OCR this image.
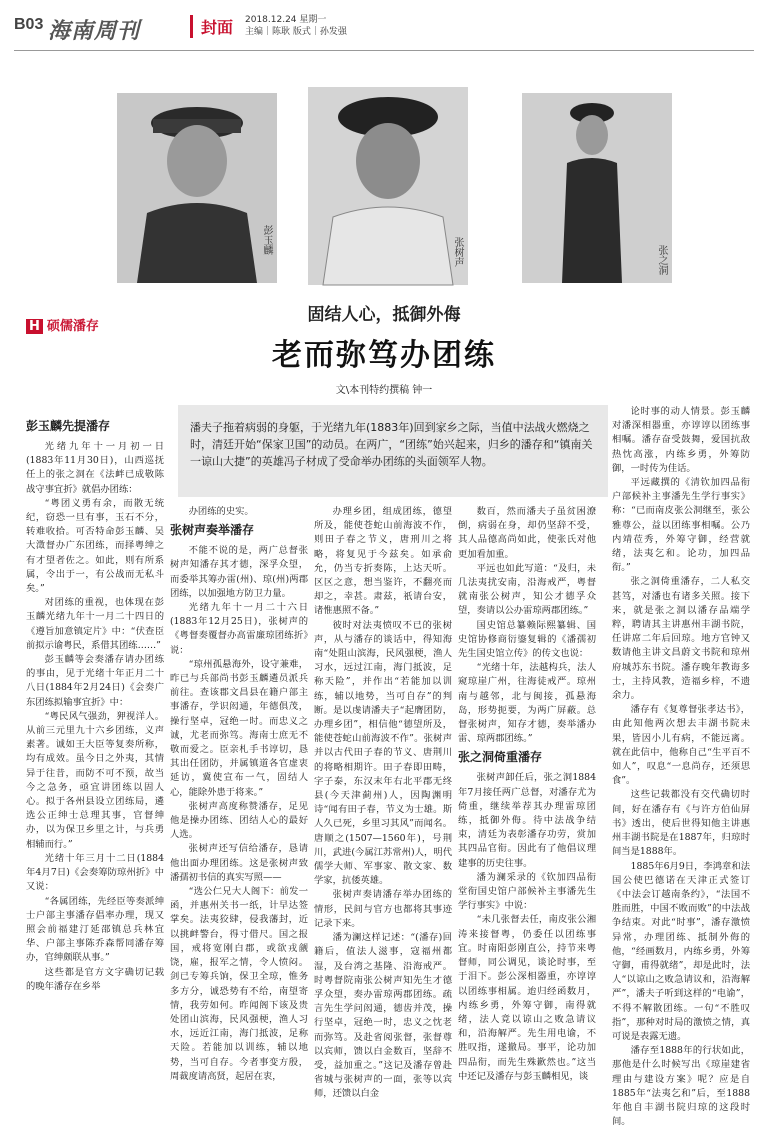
B03 海南周刊	封面 2018.12.24 星期一
主编｜陈耿 版式｜孙发强
彭玉麟	张树声	张之洞
H 硕儒潘存
固结人心，抵御外侮
老而弥笃办团练
文\本刊特约撰稿 钟一

潘夫子拖着病弱的身躯，于光绪九年(1883年)回到家乡之际，当值中法战火燃烧之时，清廷开始“保家卫国”的动员。在两广，“团练”始兴起来，归乡的潘存和“镇南关一谅山大捷”的英雄冯子材成了受命举办团练的头面领军人物。

彭玉麟先提潘存

光绪九年十一月初一日(1883年11月30日)，山西巡抚任上的张之洞在《法衅已成敬陈战守事宜折》就倡办团练：

“粤团义勇有余，而散无统纪，窃恐一旦有事，玉石不分，转难收拾。可否特命彭玉麟、吴大澂督办广东团练，而择粤绅之有才望者佐之。如此，则有所系属，令出于一，有公战而无私斗矣。”

对团练的重视，也体现在彭玉麟光绪九年十一月二十四日的《遵旨加意镇定片》中：“伏查臣前拟示谕粤民，系借其团练……”

彭玉麟等会奏潘存请办团练的事由，见于光绪十年正月二十八日(1884年2月24日)《会奏广东团练拟输事宜折》中：

“粤民风气强劲，狎视洋人。从前三元里九十六乡团练，义声素著。诚如王大臣等复奏所称，均有成效。虽今日之外夷，其情异于往昔，而防不可不预，故当今之急务，亟宜讲团练以固人心。拟于各州县设立团练局，遴选公正绅士总理其事，官督绅办，以为保卫乡里之计，与兵勇相辅而行。”

光绪十年三月十二日(1884年4月7日)《会奏筹防琼州折》中又说：

“各属团练，先经臣等奏派绅士户部主事潘存倡率办理，现又照会前福建汀延邵镇总兵林宜华、户部主事陈乔森帮同潘存筹办，官绅颇联从事。”

这些都是官方文字确切记载的晚年潘存在乡举

办团练的史实。

张树声奏举潘存

不能不说的是，两广总督张树声知潘存其才德，深孚众望，而委举其筹办雷(州)、琼(州)两郡团练，以加强地方防卫力量。

光绪九年十一月二十六日(1883年12月25日)，张树声的《粤督奏覆督办高雷廉琼团练折》说：

“琼州孤悬海外，设守兼难，昨已与兵部尚书彭玉麟遴员派兵前往。查该郡文昌县在籍户部主事潘存，学识闳通，年德俱茂，操行坚卓，冠绝一时。而忠义之诚，尤老而弥笃。海南士庶无不敬而爱之。臣亲札手书谆切，恳其出任团防，并属镇道各官虚衷延访，冀使宣布一气，固结人心，能除外患于将来。”

张树声高度称赞潘存，足见他是操办团练、团结人心的最好人选。

张树声还写信给潘存，恳请他出面办理团练。这是张树声致潘孺初书信的真实写照——

“选公仁兄大人阁下：前发一函，并惠州关书一纸，计早达签掌矣。法夷狡肆，侵我藩封，近以挑衅警台，得寸借尺。国之报国，戒将宽刚白郡，或欲戎觎饶，雇，报军之情，令人愤闷。剑已专筹兵饷，保卫全琼，惟务多方分，诚恐势有不给，南望寄情，我劳如何。昨闻阁下该及贵处团山滨海，民风强梗，渔人习水，远近江南，海门抵波，足称天险。若能加以训练，辅以地势，当可自存。今者事变方殷，周裁度请高贤，起居在衷，

办理乡团，组成团练，德望所及，能使苍蛇山前海波不作，则田子春之节义，唐刑川之将略，将复见于今兹矣。如承俞允，仍当专折奏陈，上达天听。区区之意，想当鉴许，不翻亮而却之，幸甚。肃兹，祇请台安，诸惟惠照不备。”

彼时对法夷愤叹不已的张树声，从与潘存的谈话中，得知海南“处阻山滨海，民风强梗，渔人习水，远过江南，海门抵波，足称天险”，并作出“若能加以训练，辅以地势，当可自存”的判断。是以虔请潘夫子“起膺团防，办理乡团”，相信他“德望所及，能使苍蛇山前海波不作”。张树声并以古代田子春的节义、唐荆川的将略相期许。田子春即田畴，字子泰，东汉末年右北平郡无终县(今天津蓟州)人，因陶渊明诗“闻有田子春，节义为士雄。斯人久已死，乡里习其风”而闻名。唐顺之(1507—1560年)，号荆川，武进(今属江苏常州)人，明代儒学大师、军事家、散文家、数学家，抗倭英雄。

张树声奏请潘存举办团练的情形，民间与官方也都将其事迹记录下来。

潘为澜这样记述：“(潘存)回籍后，值法人滋事，寇福州都湿，及台湾之基隆、沿海戒严。时粤督院南张公树声知先生才德孚众望，奏办雷琼两郡团练。疏言先生学问闳通，德齿并茂，操行坚卓，冠绝一时，忠义之忱老而弥笃。及赴省阅张督，张督尊以宾师，馈以白金数百，坚辞不受，益加重之。”这记及潘存曾赴省城与张树声的一面，张等以宾师，还馈以白金

数百，然而潘夫子虽贫困潦倒，病弱在身，却仍坚辞不受，其人品德高尚如此，使张氏对他更加看加重。

平远也如此写道：“及归，未几法夷扰安南，沿海戒严，粤督就南张公树声，知公才德孚众望，奏请以公办雷琼两郡团练。”

国史馆总纂赖际熙纂辑、国史馆协修商衍鎏复辑的《潘孺初先生国史馆立传》的传文也说：

“光绪十年，法越构兵，法人窥琼崖广州，往海徒戒严。琼州南与越邻，北与闽接，孤悬海岛，形势扼要，为两广屏蔽。总督张树声，知存才德，奏举潘办雷、琼两郡团练。”

张之洞倚重潘存

张树声卸任后，张之洞1884年7月接任两广总督，对潘存尤为倚重，继续举荐其办理雷琼团练，抵御外侮。待中法战争结束，清廷为表彰潘存功劳，赏加其四品官衔。因此有了他倡议理建事的历史往事。

潘为澜采录的《钦加四品衔堂衔国史馆户部候补主事潘先生学行事实》中说：

“未几张督去任，南皮张公湘涛来接督粤，仍委任以团练事宜。时南阳彭刚直公，持节来粤督师，同公调见，谈论时事，至于泪下。彭公深相器重，亦谆谆以团练事相属。迨归经函数月，内练乡勇，外筹守御，南得就绪，法人竟以谅山之败急请议和，沿海解严。先生用电谕，不胜叹指，遂撤局。事平，论功加四品衔，而先生殊歉然也。”这当中还记及潘存与彭玉麟相见，谈

论时事的动人情景。彭玉麟对潘深相器重，亦谆谆以团练事相嘱。潘存奋受鼓舞，爱国抗敌热忱高涨，内练乡勇，外筹防御，一时传为佳话。

平远藏撰的《清钦加四品衔户部候补主事潘先生学行事实》称：“已而南皮张公洞继至，张公雅尊公，益以团练事相嘱。公乃内靖莅秀，外筹守御，经营就绪，法夷乞和。论功，加四品衔。”

张之洞倚重潘存，二人私交甚笃，对潘也有诸多关照。接下来，就是张之洞以潘存品端学粹，聘请其主讲惠州丰湖书院，任讲席二年后回琼。地方官钟又数请他主讲文昌蔚文书院和琼州府城苏东书院。潘存晚年教诲多士，主持风教，造福乡梓，不遗余力。

潘存有《复尊督张孝达书》，由此知他两次想去丰湖书院未果，皆因小儿有病，不能远离。就在此信中，他称自己“生平百不如人”，叹息“一息尚存，还须思食”。

这些记载都没有交代确切时间，好在潘存有《与许方伯仙屏书》透出，使后世得知他主讲惠州丰湖书院是在1887年，归琼时间当是1888年。

1885年6月9日，李鸿章和法国公使巴德诺在天津正式签订《中法会订越南条约》，“法国不胜而胜，中国不败而败”的中法战争结束。对此“时事”，潘存激愤异常，办理团练、抵制外侮的他，“经画数月，内练乡勇，外筹守御，甫得就绪”，却是此时，法人“以谅山之败急请议和，沿海解严”，潘夫子听到这样的“电谕”，不得不解散团练。一句“不胜叹指”，那种对时局的激愤之情，真可说是表露无遗。

潘存至1888年的行状如此，那他是什么时候写出《琼崖建省理由与建设方案》呢？应是自1885年“法夷乞和”后，至1888年他自丰湖书院归琼的这段时间。
